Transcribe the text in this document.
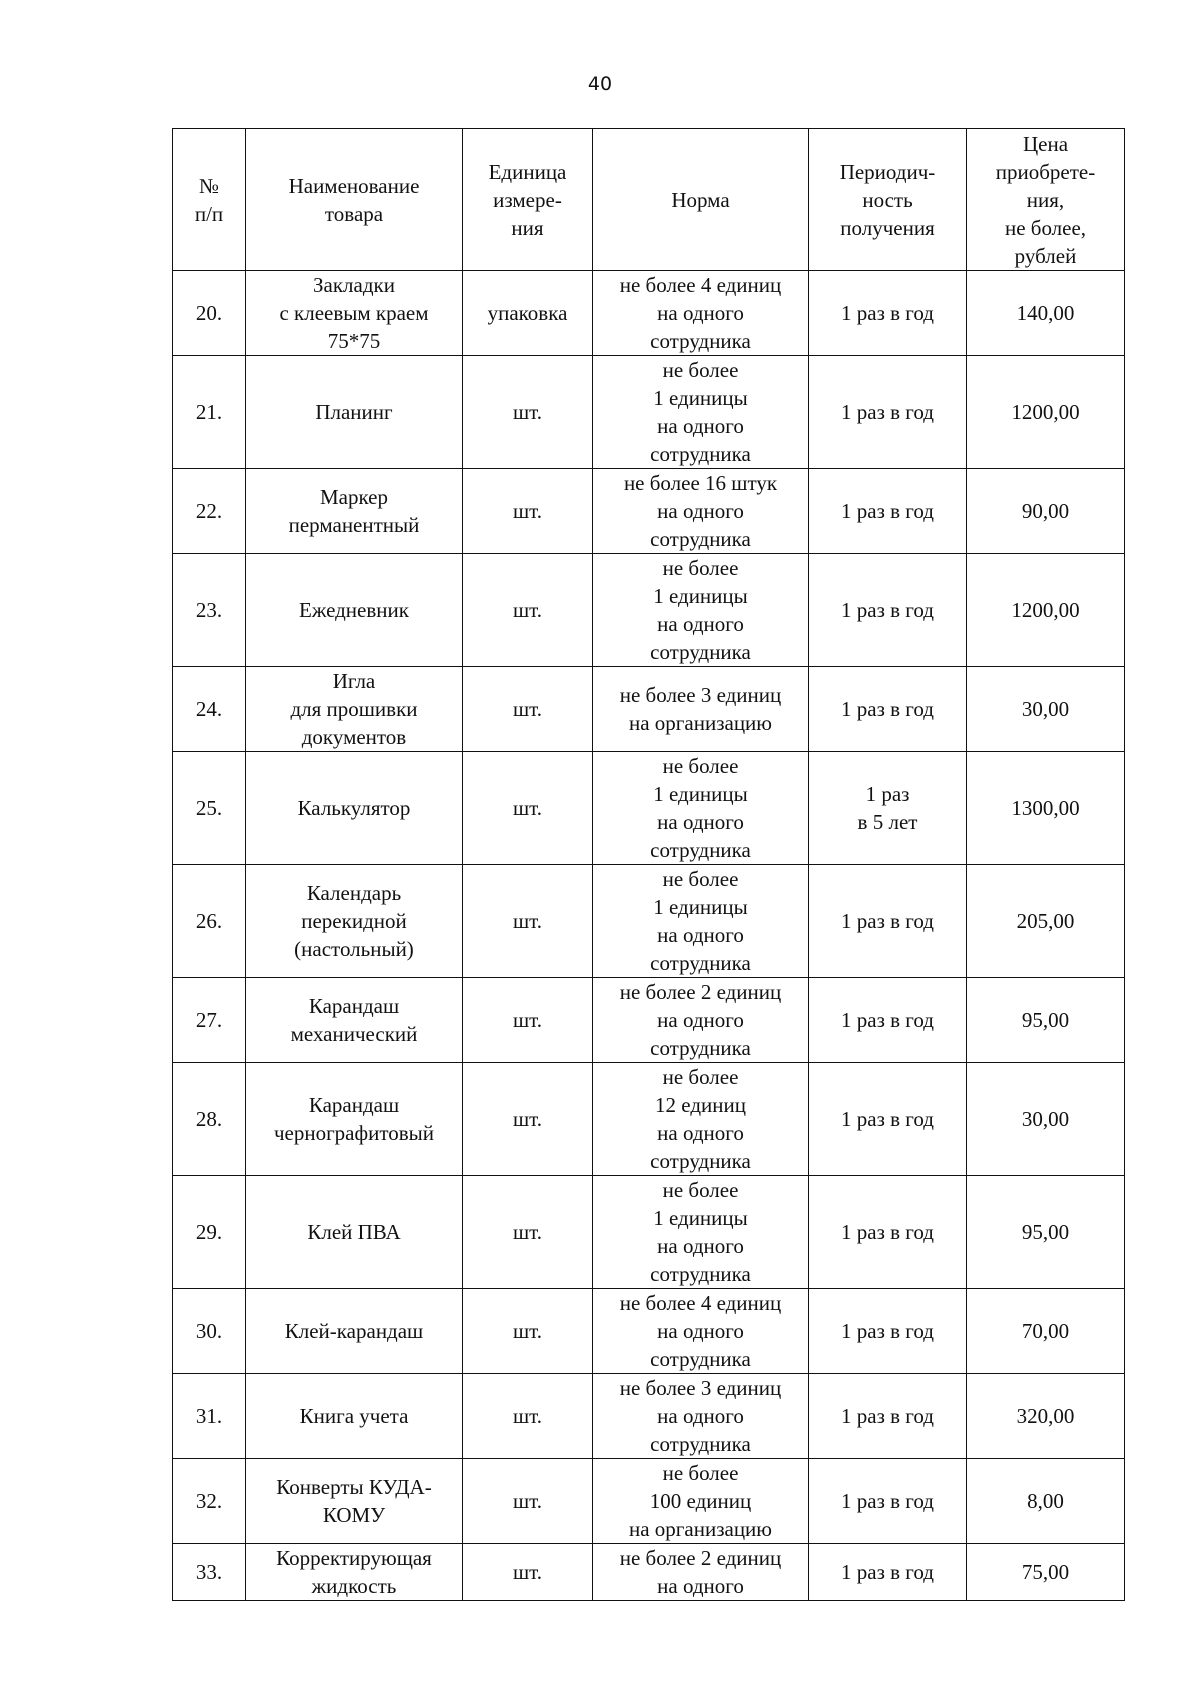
40
№
п/п	Наименование
товара	Единица
измере-
ния	Норма	Периодич-
ность
получения	Цена
приобрете-
ния,
не более,
рублей
20.	Закладки
с клеевым краем
75*75	упаковка	не более 4 единиц
на одного
сотрудника	1 раз в год	140,00
21.	Планинг	шт.	не более
1 единицы
на одного
сотрудника	1 раз в год	1200,00
22.	Маркер
перманентный	шт.	не более 16 штук
на одного
сотрудника	1 раз в год	90,00
23.	Ежедневник	шт.	не более
1 единицы
на одного
сотрудника	1 раз в год	1200,00
24.	Игла
для прошивки
документов	шт.	не более 3 единиц
на организацию	1 раз в год	30,00
25.	Калькулятор	шт.	не более
1 единицы
на одного
сотрудника	1 раз
в 5 лет	1300,00
26.	Календарь
перекидной
(настольный)	шт.	не более
1 единицы
на одного
сотрудника	1 раз в год	205,00
27.	Карандаш
механический	шт.	не более 2 единиц
на одного
сотрудника	1 раз в год	95,00
28.	Карандаш
чернографитовый	шт.	не более
12 единиц
на одного
сотрудника	1 раз в год	30,00
29.	Клей ПВА	шт.	не более
1 единицы
на одного
сотрудника	1 раз в год	95,00
30.	Клей-карандаш	шт.	не более 4 единиц
на одного
сотрудника	1 раз в год	70,00
31.	Книга учета	шт.	не более 3 единиц
на одного
сотрудника	1 раз в год	320,00
32.	Конверты КУДА-
КОМУ	шт.	не более
100 единиц
на организацию	1 раз в год	8,00
33.	Корректирующая
жидкость	шт.	не более 2 единиц
на одного	1 раз в год	75,00
